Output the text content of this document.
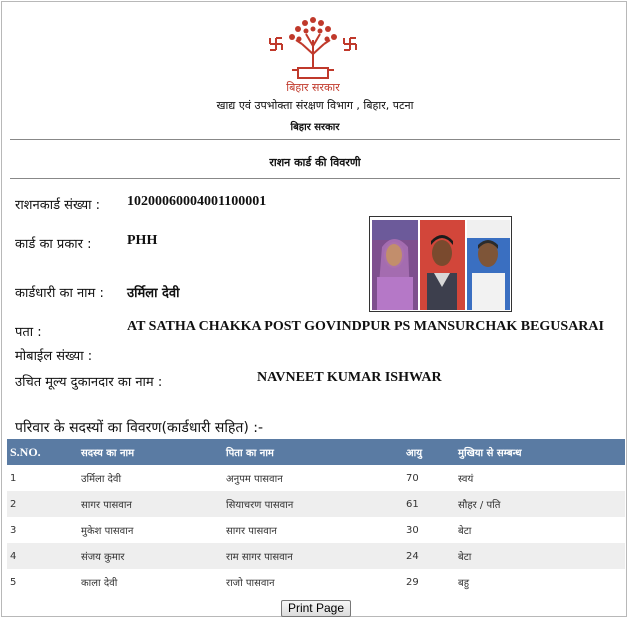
बिहार सरकार
खाद्य एवं उपभोक्ता संरक्षण विभाग , बिहार, पटना
बिहार सरकार
राशन कार्ड की विवरणी
राशनकार्ड संख्या : 10200060004001100001
कार्ड का प्रकार :	PHH
कार्डधारी का नाम : उर्मिला देवी
पता :	AT SATHA CHAKKA POST GOVINDPUR PS MANSURCHAK BEGUSARAI
मोबाईल संख्या :
उचित मूल्य दुकानदार का नाम :	NAVNEET KUMAR ISHWAR
परिवार के सदस्यों का विवरण(कार्डधारी सहित) :-
S.NO.	सदस्य का नाम	पिता का नाम	आयु	मुखिया से सम्बन्ध
1	उर्मिला देवी	अनुपम पासवान	70	स्वयं
2	सागर पासवान	सियाचरण पासवान	61	सौहर / पति
3	मुकेश पासवान	सागर पासवान	30	बेटा
4	संजय कुमार	राम सागर पासवान	24	बेटा
5	काला देवी	राजो पासवान	29	बहु
Print Page
